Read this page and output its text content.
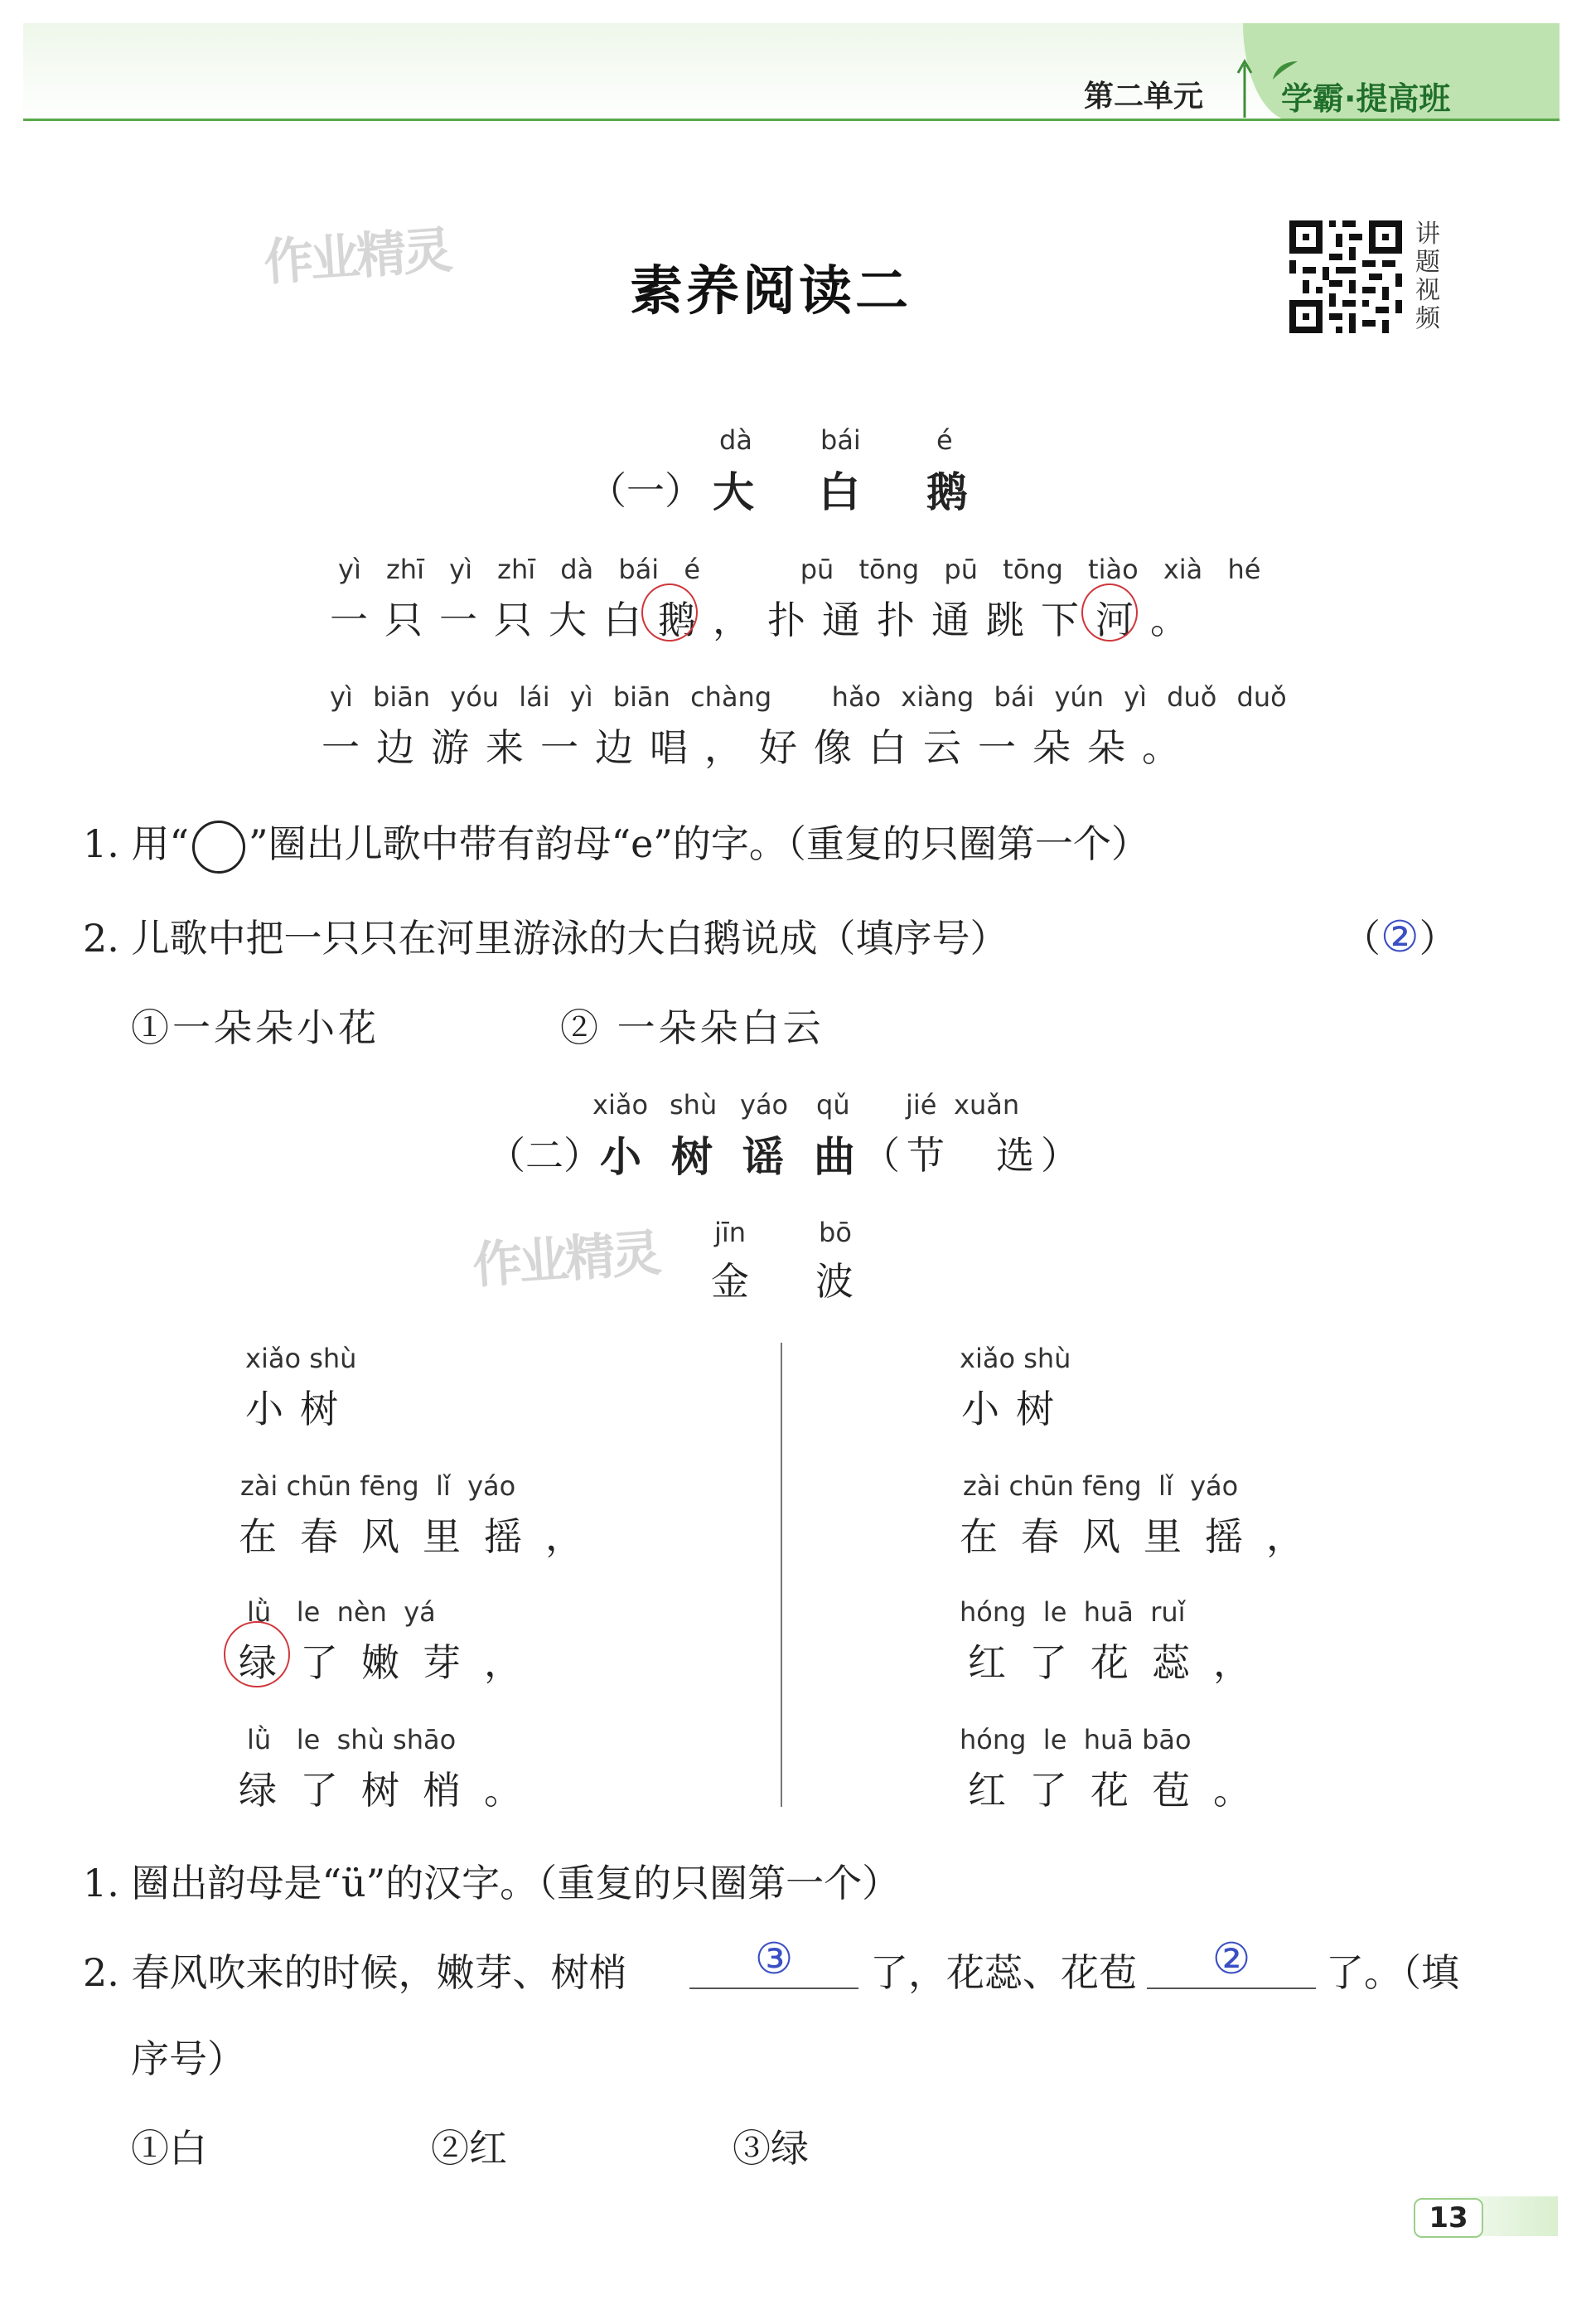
第二单元 学霸·提高班
作业精灵	素养阅读二
讲题视频
dà	bái	é
（一） 大 白 鹅
yì zhī yì zhī dà bái é	pū tōng pū tōng tiào xià hé
一只一只大白鹅，扑通扑通跳下河。
yì biān yóu lái yì biān chàng hǎo xiàng bái yún yì duǒ duǒ
一边游来一边唱，好像白云一朵朵。
1. 用“ ”圈出儿歌中带有韵母“e”的字。（重复的只圈第一个）
2. 儿歌中把一只只在河里游泳的大白鹅说成（填序号）	（②）
①一朵朵小花	② 一朵朵白云
xiǎo shù yáo qǔ jié xuǎn
（二）
小 树 谣 曲 （节　选）
作业精灵 jīn	bō
金 波
xiǎo shù
小树
zài chūn fēng  lǐ  yáo
在春风里摇，
lǜ   le  nèn  yá
绿了嫩芽，
lǜ   le  shù shāo
绿了树梢。
xiǎo shù
小树
zài chūn fēng  lǐ  yáo
在春风里摇，
hóng  le  huā  ruǐ
红了花蕊，
hóng  le  huā bāo
红了花苞。
1. 圈出韵母是“ü”的汉字。（重复的只圈第一个）
2. 春风吹来的时候，嫩芽、树梢	③	了，花蕊、花苞	②	了。（填
序号）
①白	②红	③绿
13
